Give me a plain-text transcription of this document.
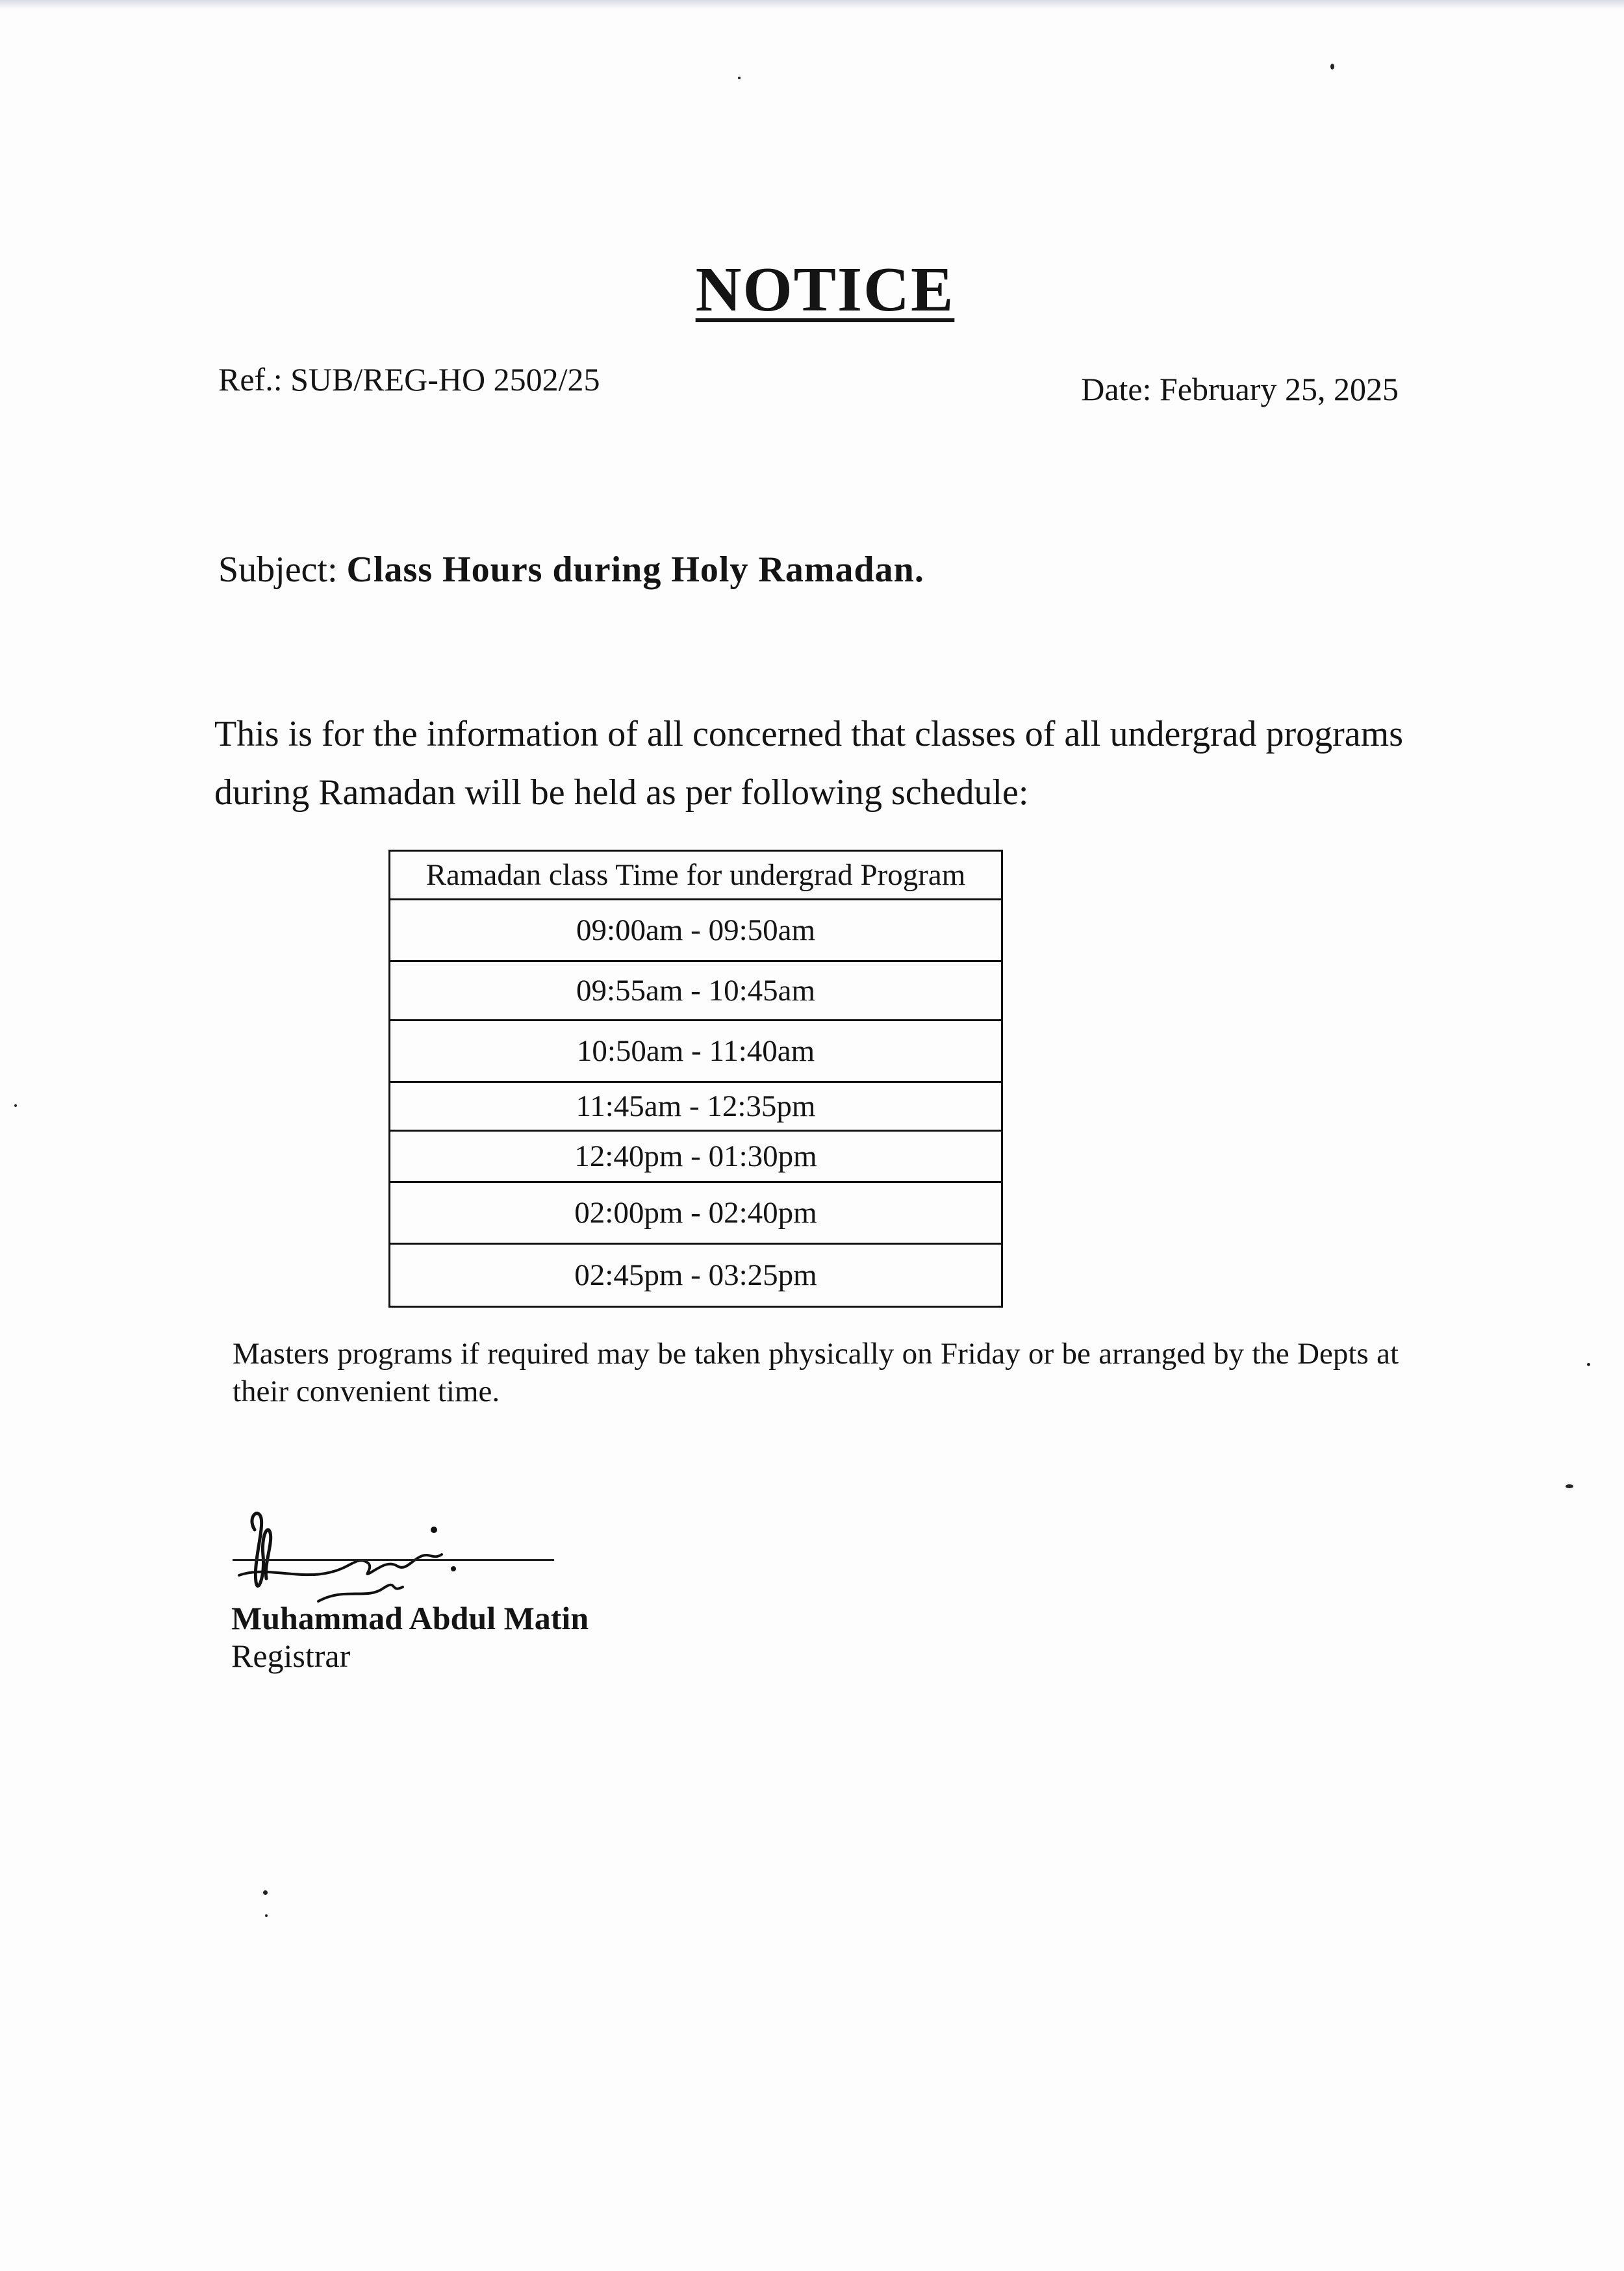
NOTICE
Ref.: SUB/REG-HO 2502/25	Date: February 25, 2025
Subject: Class Hours during Holy Ramadan.
This is for the information of all concerned that classes of all undergrad programs during Ramadan will be held as per following schedule:
Ramadan class Time for undergrad Program
09:00am - 09:50am
09:55am - 10:45am
10:50am - 11:40am
11:45am - 12:35pm
12:40pm - 01:30pm
02:00pm - 02:40pm
02:45pm - 03:25pm
Masters programs if required may be taken physically on Friday or be arranged by the Depts at their convenient time.
Muhammad Abdul Matin
Registrar
